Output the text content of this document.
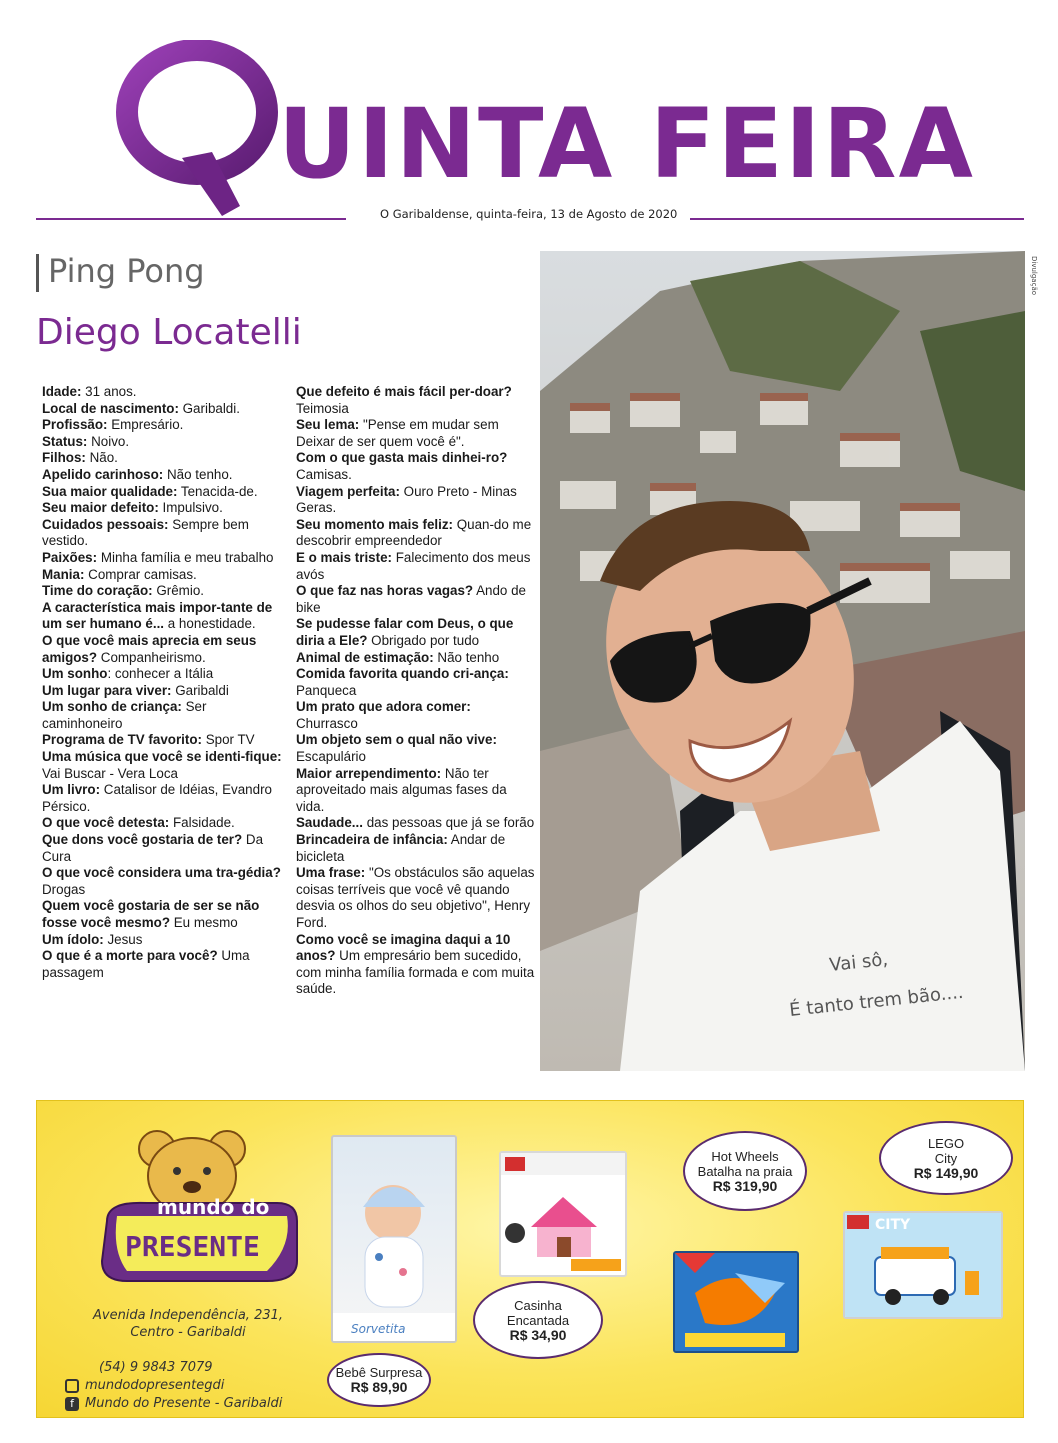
UINTA FEIRA
O Garibaldense, quinta-feira, 13 de Agosto de 2020
Ping Pong
Diego Locatelli
Idade: 31 anos.
Local de nascimento: Garibaldi.
Profissão: Empresário.
Status: Noivo.
Filhos: Não.
Apelido carinhoso: Não tenho.
Sua maior qualidade: Tenacida-de.
Seu maior defeito: Impulsivo.
Cuidados pessoais: Sempre bem vestido.
Paixões: Minha família e meu trabalho
Mania: Comprar camisas.
Time do coração: Grêmio.
A característica mais impor-tante de um ser humano é... a honestidade.
O que você mais aprecia em seus amigos? Companheirismo.
Um sonho: conhecer a Itália
Um lugar para viver: Garibaldi
Um sonho de criança: Ser caminhoneiro
Programa de TV favorito: Spor TV
Uma música que você se identi-fique: Vai Buscar - Vera Loca
Um livro: Catalisor de Idéias, Evandro Pérsico.
O que você detesta: Falsidade.
Que dons você gostaria de ter? Da Cura
O que você considera uma tra-gédia? Drogas
Quem você gostaria de ser se não fosse você mesmo? Eu mesmo
Um ídolo: Jesus
O que é a morte para você? Uma passagem
Que defeito é mais fácil per-doar? Teimosia
Seu lema: "Pense em mudar sem Deixar de ser quem você é".
Com o que gasta mais dinhei-ro? Camisas.
Viagem perfeita: Ouro Preto - Minas Geras.
Seu momento mais feliz: Quan-do me descobrir empreendedor
E o mais triste: Falecimento dos meus avós
O que faz nas horas vagas? Ando de bike
Se pudesse falar com Deus, o que diria a Ele? Obrigado por tudo
Animal de estimação: Não tenho
Comida favorita quando cri-ança: Panqueca
Um prato que adora comer: Churrasco
Um objeto sem o qual não vive: Escapulário
Maior arrependimento: Não ter aproveitado mais algumas fases da vida.
Saudade... das pessoas que já se forão
Brincadeira de infância: Andar de bicicleta
Uma frase: "Os obstáculos são aquelas coisas terríveis que você vê quando desvia os olhos do seu objetivo", Henry Ford.
Como você se imagina daqui a 10 anos? Um empresário bem sucedido, com minha família formada e com muita saúde.
Vai sô,
É tanto trem bão....
Divulgação
mundo do
PRESENTE
Avenida Independência, 231,
Centro - Garibaldi
(54) 9 9843 7079
mundodopresentegdi
f Mundo do Presente - Garibaldi
Sorvetita
CITY
Bebê Surpresa
R$ 89,90
Casinha Encantada
R$ 34,90
Hot Wheels Batalha na praia
R$ 319,90
LEGO City
R$ 149,90
